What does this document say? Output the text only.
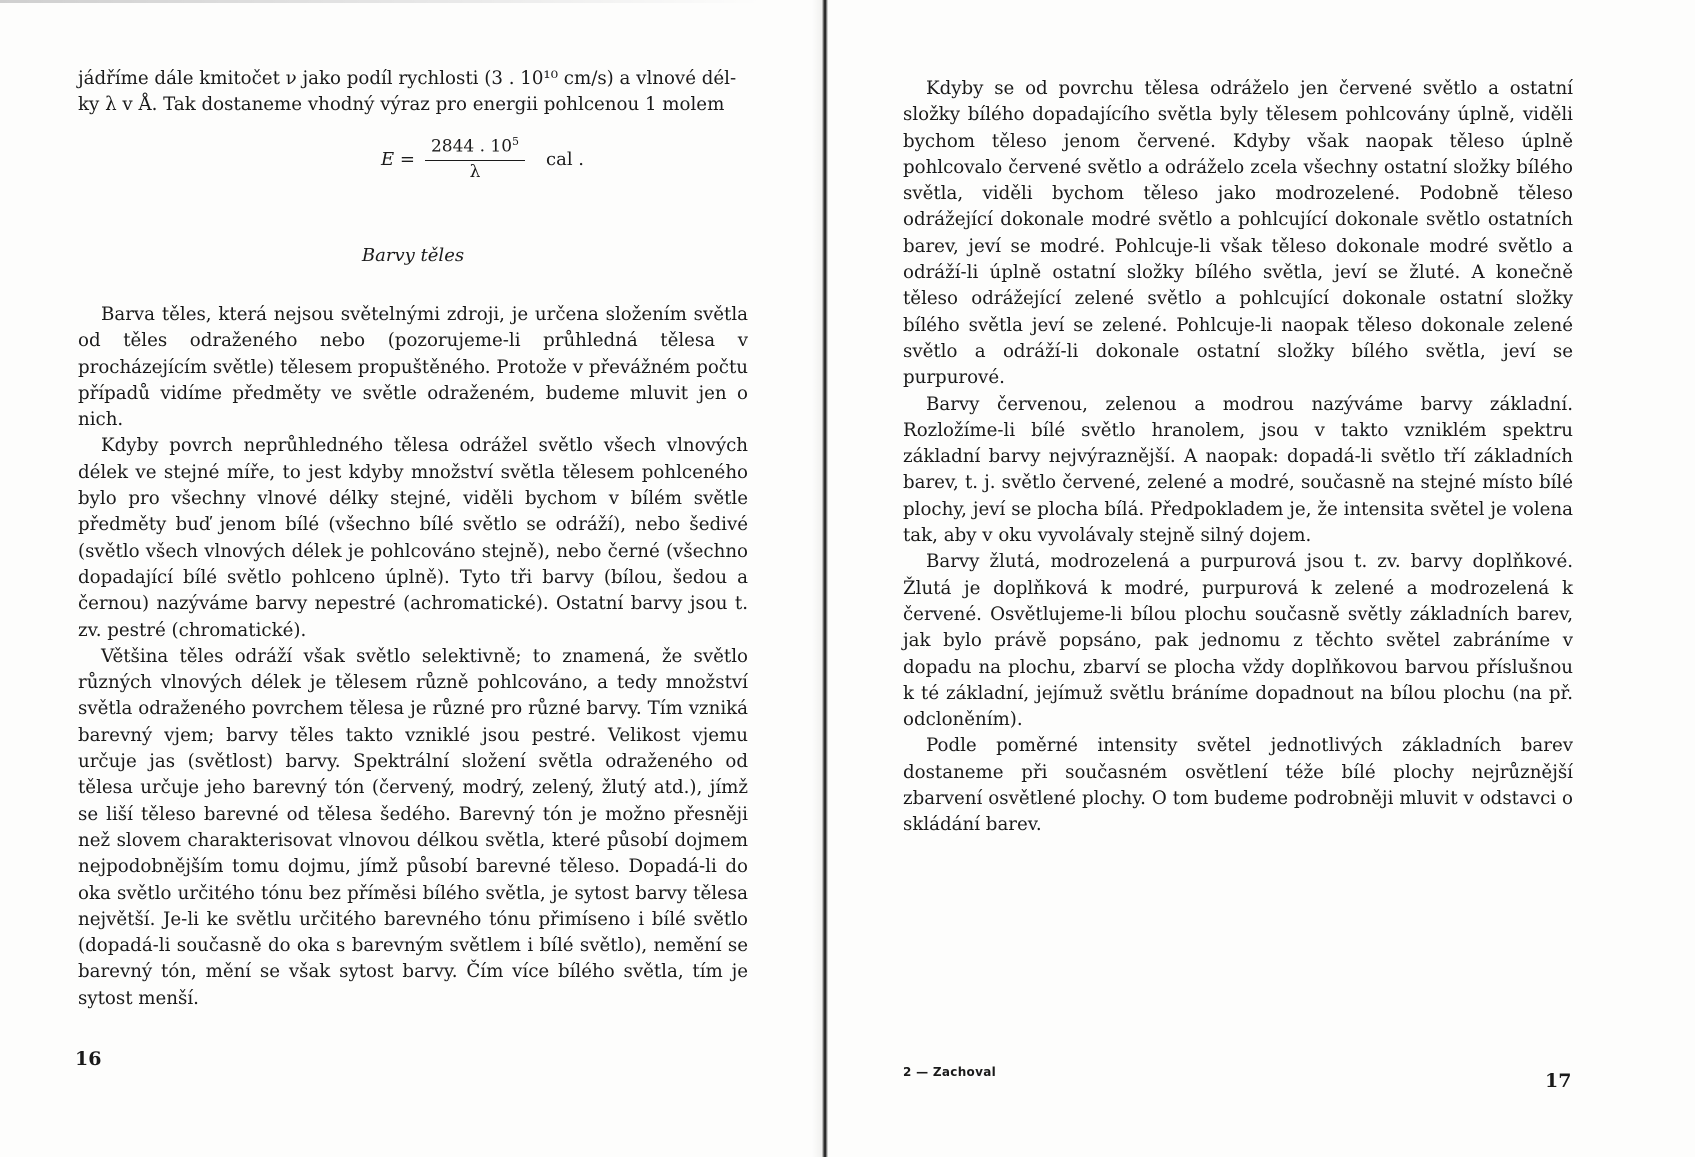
jádříme dále kmitočet ν jako podíl rychlosti (3 . 10¹⁰ cm/s) a vlnové dél-

ky λ v Å. Tak dostaneme vhodný výraz pro energii pohlcenou 1 molem

$E = \frac{2844 . 10^5}{\lambda}$ cal .
Barvy těles

Barva těles, která nejsou světelnými zdroji, je určena složením světla od těles odraženého nebo (pozorujeme-li průhledná tělesa v procházejícím světle) tělesem propuštěného. Protože v převážném počtu případů vidíme předměty ve světle odraženém, budeme mluvit jen o nich.

Kdyby povrch neprůhledného tělesa odrážel světlo všech vlnových délek ve stejné míře, to jest kdyby množství světla tělesem pohlceného bylo pro všechny vlnové délky stejné, viděli bychom v bílém světle předměty buď jenom bílé (všechno bílé světlo se odráží), nebo šedivé (světlo všech vlnových délek je pohlcováno stejně), nebo černé (všechno dopadající bílé světlo pohlceno úplně). Tyto tři barvy (bílou, šedou a černou) nazýváme barvy nepestré (achromatické). Ostatní barvy jsou t. zv. pestré (chromatické).

Většina těles odráží však světlo selektivně; to znamená, že světlo různých vlnových délek je tělesem různě pohlcováno, a tedy množství světla odraženého povrchem tělesa je různé pro různé barvy. Tím vzniká barevný vjem; barvy těles takto vzniklé jsou pestré. Velikost vjemu určuje jas (světlost) barvy. Spektrální složení světla odraženého od tělesa určuje jeho barevný tón (červený, modrý, zelený, žlutý atd.), jímž se liší těleso barevné od tělesa šedého. Barevný tón je možno přesněji než slovem charakterisovat vlnovou délkou světla, které působí dojmem nejpodobnějším tomu dojmu, jímž působí barevné těleso. Dopadá-li do oka světlo určitého tónu bez příměsi bílého světla, je sytost barvy tělesa největší. Je-li ke světlu určitého barevného tónu přimíseno i bílé světlo (dopadá-li současně do oka s barevným světlem i bílé světlo), nemění se barevný tón, mění se však sytost barvy. Čím více bílého světla, tím je sytost menší.

16

Kdyby se od povrchu tělesa odráželo jen červené světlo a ostatní složky bílého dopadajícího světla byly tělesem pohlcovány úplně, viděli bychom těleso jenom červené. Kdyby však naopak těleso úplně pohlcovalo červené světlo a odráželo zcela všechny ostatní složky bílého světla, viděli bychom těleso jako modrozelené. Podobně těleso odrážející dokonale modré světlo a pohlcující dokonale světlo ostatních barev, jeví se modré. Pohlcuje-li však těleso dokonale modré světlo a odráží-li úplně ostatní složky bílého světla, jeví se žluté. A konečně těleso odrážející zelené světlo a pohlcující dokonale ostatní složky bílého světla jeví se zelené. Pohlcuje-li naopak těleso dokonale zelené světlo a odráží-li dokonale ostatní složky bílého světla, jeví se purpurové.

Barvy červenou, zelenou a modrou nazýváme barvy základní. Rozložíme-li bílé světlo hranolem, jsou v takto vzniklém spektru základní barvy nejvýraznější. A naopak: dopadá-li světlo tří základních barev, t. j. světlo červené, zelené a modré, současně na stejné místo bílé plochy, jeví se plocha bílá. Předpokladem je, že intensita světel je volena tak, aby v oku vyvolávaly stejně silný dojem.

Barvy žlutá, modrozelená a purpurová jsou t. zv. barvy doplňkové. Žlutá je doplňková k modré, purpurová k zelené a modrozelená k červené. Osvětlujeme-li bílou plochu současně světly základních barev, jak bylo právě popsáno, pak jednomu z těchto světel zabráníme v dopadu na plochu, zbarví se plocha vždy doplňkovou barvou příslušnou k té základní, jejímuž světlu bráníme dopadnout na bílou plochu (na př. odcloněním).

Podle poměrné intensity světel jednotlivých základních barev dostaneme při současném osvětlení téže bílé plochy nejrůznější zbarvení osvětlené plochy. O tom budeme podrobněji mluvit v odstavci o skládání barev.

2 — Zachoval	17
